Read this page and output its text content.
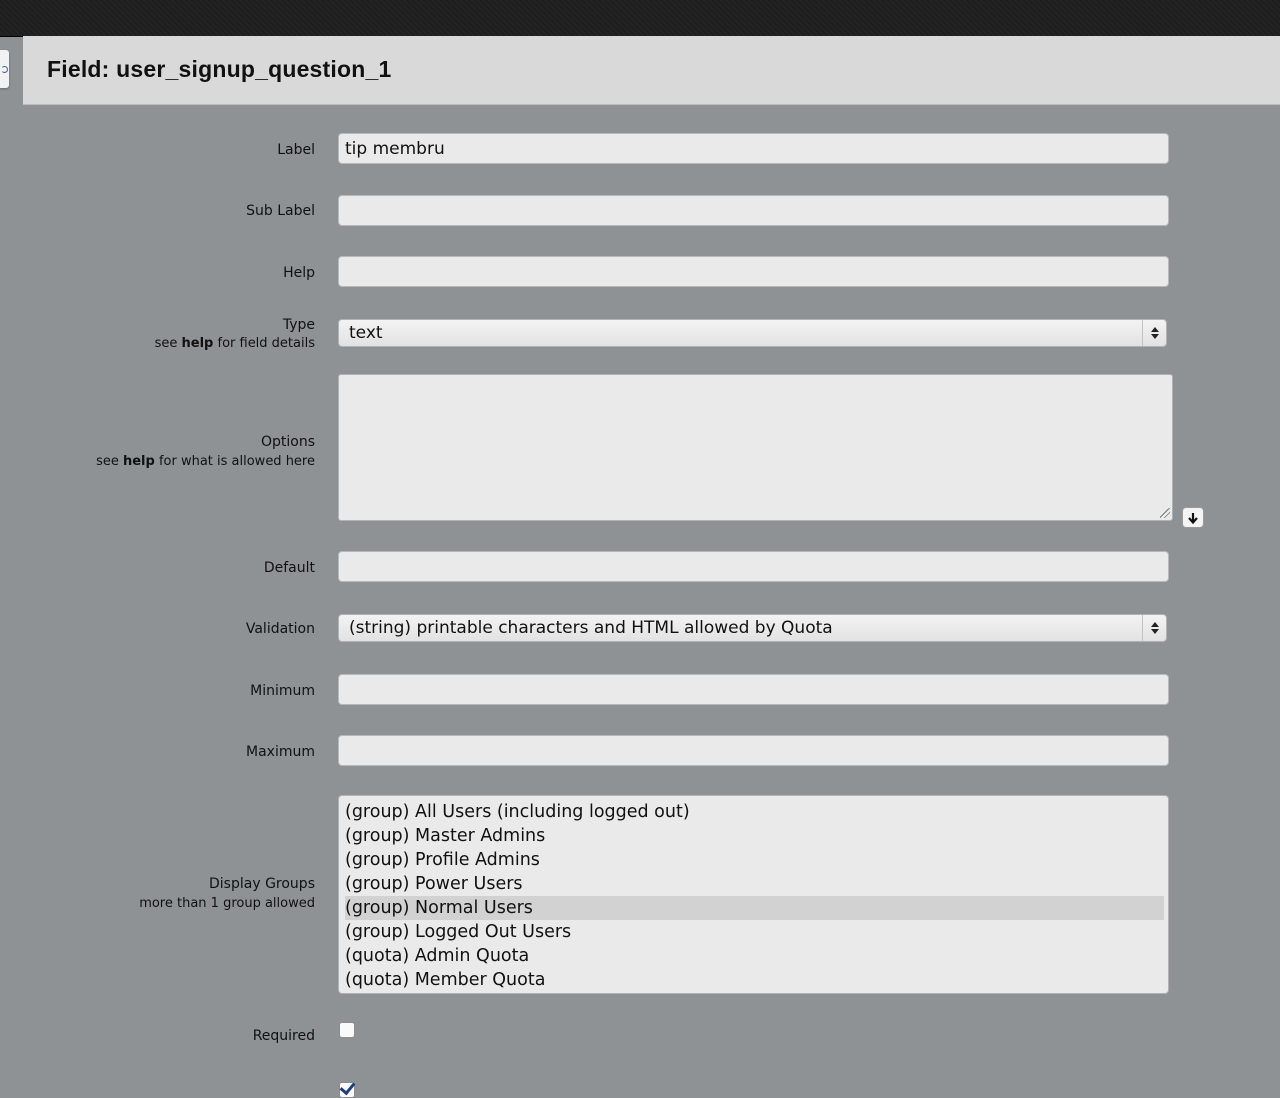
Field: user_signup_question_1
Label
tip membru
Sub Label
Help
Type
see help for field details
text
Options
see help for what is allowed here
Default
Validation	(string) printable characters and HTML allowed by Quota
Minimum
Maximum
Display Groups
more than 1 group allowed
(group) All Users (including logged out)
(group) Master Admins
(group) Profile Admins
(group) Power Users
(group) Normal Users
(group) Logged Out Users
(quota) Admin Quota
(quota) Member Quota
Required
